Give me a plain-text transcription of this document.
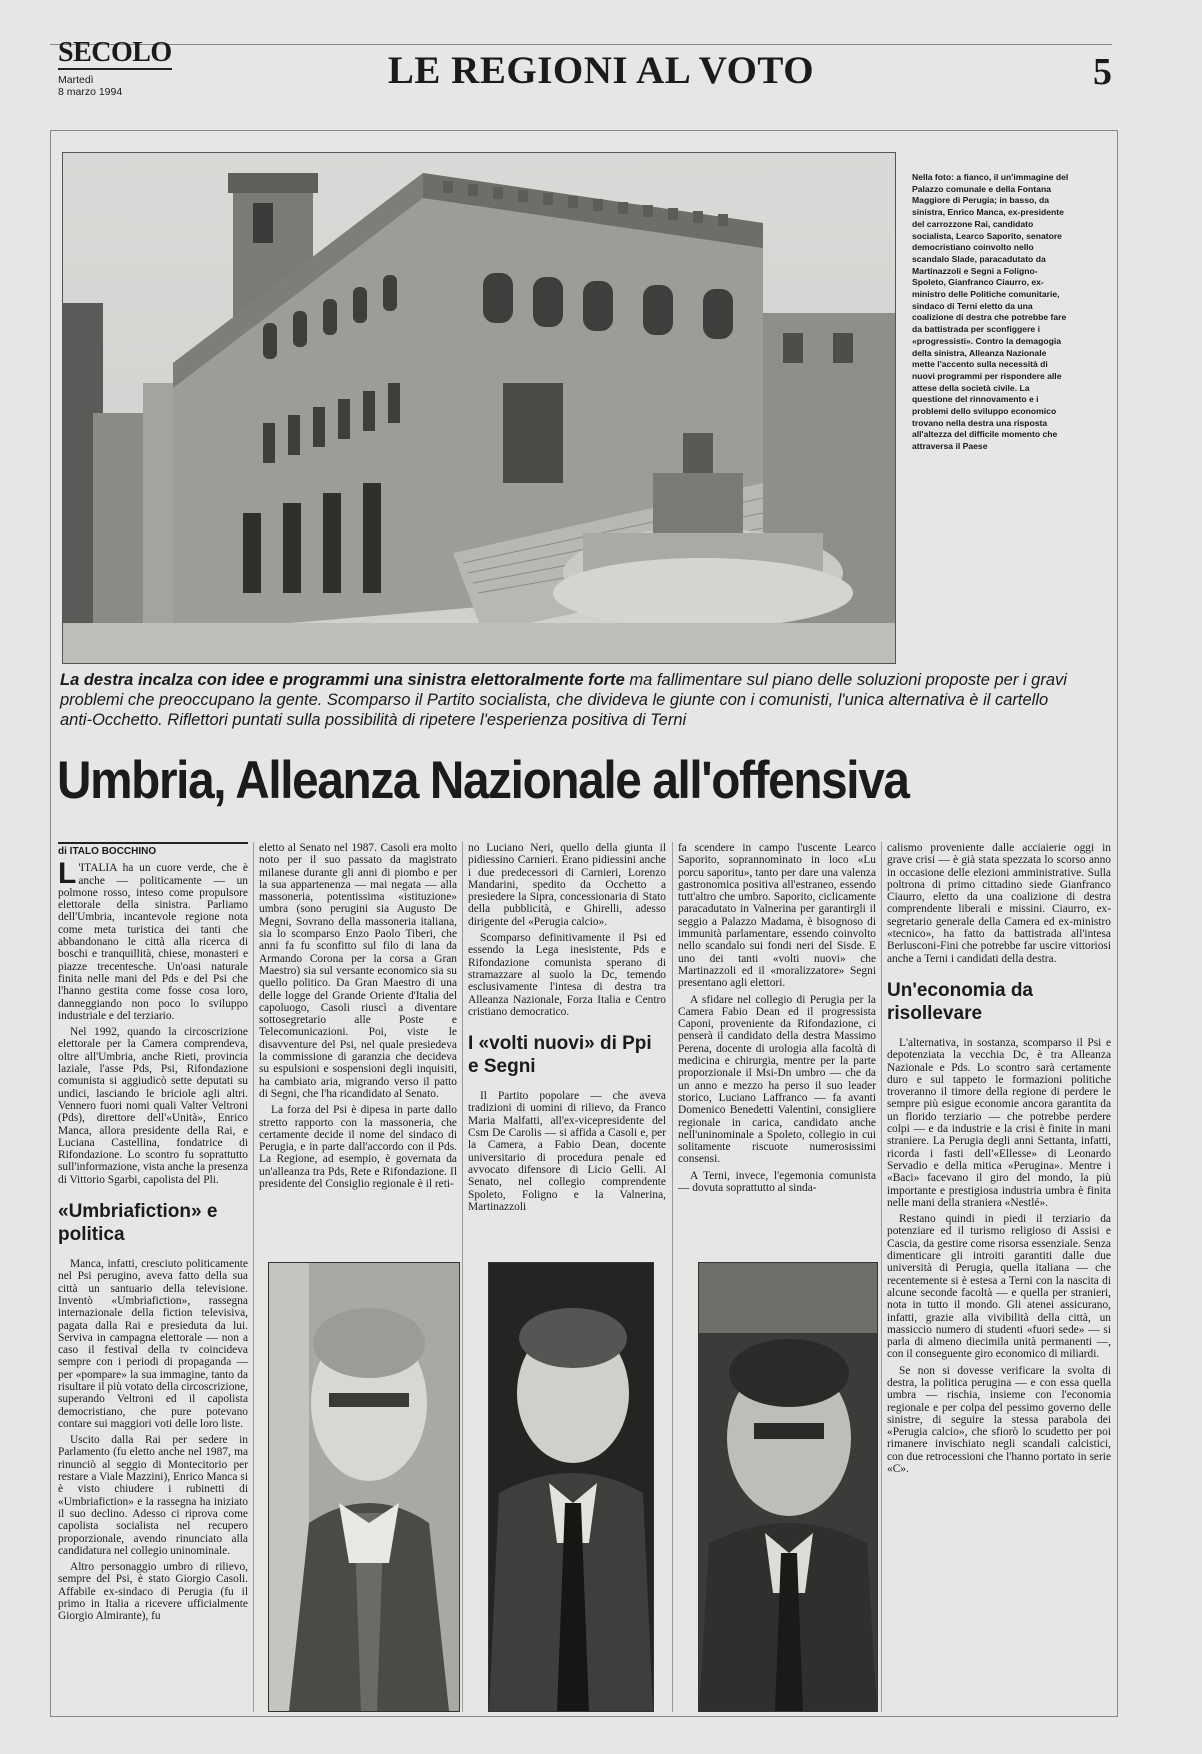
SECOLO
Martedì
8 marzo 1994	LE REGIONI AL VOTO	5
Nella foto: a fianco, il un'immagine del Palazzo comunale e della Fontana Maggiore di Perugia; in basso, da sinistra, Enrico Manca, ex-presidente del carrozzone Rai, candidato socialista, Learco Saporito, senatore democristiano coinvolto nello scandalo Slade, paracadutato da Martinazzoli e Segni a Foligno-Spoleto, Gianfranco Ciaurro, ex-ministro delle Politiche comunitarie, sindaco di Terni eletto da una coalizione di destra che potrebbe fare da battistrada per sconfiggere i «progressisti». Contro la demagogia della sinistra, Alleanza Nazionale mette l'accento sulla necessità di nuovi programmi per rispondere alle attese della società civile. La questione del rinnovamento e i problemi dello sviluppo economico trovano nella destra una risposta all'altezza del difficile momento che attraversa il Paese
La destra incalza con idee e programmi una sinistra elettoralmente forte ma fallimentare sul piano delle soluzioni proposte per i gravi problemi che preoccupano la gente. Scomparso il Partito socialista, che divideva le giunte con i comunisti, l'unica alternativa è il cartello anti-Occhetto. Riflettori puntati sulla possibilità di ripetere l'esperienza positiva di Terni
Umbria, Alleanza Nazionale all'offensiva
di ITALO BOCCHINO

L 'ITALIA ha un cuore verde, che è anche — politicamente — un polmone rosso, inteso come propulsore elettorale della sinistra. Parliamo dell'Umbria, incantevole regione nota come meta turistica dei tanti che abbandonano le città alla ricerca di boschi e tranquillità, chiese, monasteri e piazze trecentesche. Un'oasi naturale finita nelle mani del Pds e del Psi che l'hanno gestita come fosse cosa loro, danneggiando non poco lo sviluppo industriale e del terziario.

Nel 1992, quando la circoscrizione elettorale per la Camera comprendeva, oltre all'Umbria, anche Rieti, provincia laziale, l'asse Pds, Psi, Rifondazione comunista si aggiudicò sette deputati su undici, lasciando le briciole agli altri. Vennero fuori nomi quali Valter Veltroni (Pds), direttore dell'«Unità», Enrico Manca, allora presidente della Rai, e Luciana Castellina, fondatrice di Rifondazione. Lo scontro fu soprattutto sull'informazione, vista anche la presenza di Vittorio Sgarbi, capolista del Pli.

«Umbriafiction» e politica

Manca, infatti, cresciuto politicamente nel Psi perugino, aveva fatto della sua città un santuario della televisione. Inventò «Umbriafiction», rassegna internazionale della fiction televisiva, pagata dalla Rai e presieduta da lui. Serviva in campagna elettorale — non a caso il festival della tv coincideva sempre con i periodi di propaganda — per «pompare» la sua immagine, tanto da risultare il più votato della circoscrizione, superando Veltroni ed il capolista democristiano, che pure potevano contare sui maggiori voti delle loro liste.

Uscito dalla Rai per sedere in Parlamento (fu eletto anche nel 1987, ma rinunciò al seggio di Montecitorio per restare a Viale Mazzini), Enrico Manca si è visto chiudere i rubinetti di «Umbriafiction» e la rassegna ha iniziato il suo declino. Adesso ci riprova come capolista socialista nel recupero proporzionale, avendo rinunciato alla candidatura nel collegio uninominale.

Altro personaggio umbro di rilievo, sempre del Psi, è stato Giorgio Casoli. Affabile ex-sindaco di Perugia (fu il primo in Italia a ricevere ufficialmente Giorgio Almirante), fu

eletto al Senato nel 1987. Casoli era molto noto per il suo passato da magistrato milanese durante gli anni di piombo e per la sua appartenenza — mai negata — alla massoneria, potentissima «istituzione» umbra (sono perugini sia Augusto De Megni, Sovrano della massoneria italiana, sia lo scomparso Enzo Paolo Tiberi, che anni fa fu sconfitto sul filo di lana da Armando Corona per la corsa a Gran Maestro) sia sul versante economico sia su quello politico. Da Gran Maestro di una delle logge del Grande Oriente d'Italia del capoluogo, Casoli riuscì a diventare sottosegretario alle Poste e Telecomunicazioni. Poi, viste le disavventure del Psi, nel quale presiedeva la commissione di garanzia che decideva su espulsioni e sospensioni degli inquisiti, ha cambiato aria, migrando verso il patto di Segni, che l'ha ricandidato al Senato.

La forza del Psi è dipesa in parte dallo stretto rapporto con la massoneria, che certamente decide il nome del sindaco di Perugia, e in parte dall'accordo con il Pds. La Regione, ad esempio, è governata da un'alleanza tra Pds, Rete e Rifondazione. Il presidente del Consiglio regionale è il reti-

no Luciano Neri, quello della giunta il pidiessino Carnieri. Erano pidiessini anche i due predecessori di Carnieri, Lorenzo Mandarini, spedito da Occhetto a presiedere la Sipra, concessionaria di Stato della pubblicità, e Ghirelli, adesso dirigente del «Perugia calcio».

Scomparso definitivamente il Psi ed essendo la Lega inesistente, Pds e Rifondazione comunista sperano di stramazzare al suolo la Dc, temendo esclusivamente l'intesa di destra tra Alleanza Nazionale, Forza Italia e Centro cristiano democratico.

I «volti nuovi» di Ppi e Segni

Il Partito popolare — che aveva tradizioni di uomini di rilievo, da Franco Maria Malfatti, all'ex-vicepresidente del Csm De Carolis — si affida a Casoli e, per la Camera, a Fabio Dean, docente universitario di procedura penale ed avvocato difensore di Licio Gelli. Al Senato, nel collegio comprendente Spoleto, Foligno e la Valnerina, Martinazzoli

fa scendere in campo l'uscente Learco Saporito, soprannominato in loco «Lu porcu saporitu», tanto per dare una valenza gastronomica positiva all'estraneo, essendo tutt'altro che umbro. Saporito, ciclicamente paracadutato in Valnerina per garantirgli il seggio a Palazzo Madama, è bisognoso di immunità parlamentare, essendo coinvolto nello scandalo sui fondi neri del Sisde. E uno dei tanti «volti nuovi» che Martinazzoli ed il «moralizzatore» Segni presentano agli elettori.

A sfidare nel collegio di Perugia per la Camera Fabio Dean ed il progressista Caponi, proveniente da Rifondazione, ci penserà il candidato della destra Massimo Perena, docente di urologia alla facoltà di medicina e chirurgia, mentre per la parte proporzionale il Msi-Dn umbro — che da un anno e mezzo ha perso il suo leader storico, Luciano Laffranco — fa avanti Domenico Benedetti Valentini, consigliere regionale in carica, candidato anche nell'uninominale a Spoleto, collegio in cui solitamente riscuote numerosissimi consensi.

A Terni, invece, l'egemonia comunista — dovuta soprattutto al sinda-

calismo proveniente dalle acciaierie oggi in grave crisi — è già stata spezzata lo scorso anno in occasione delle elezioni amministrative. Sulla poltrona di primo cittadino siede Gianfranco Ciaurro, eletto da una coalizione di destra comprendente liberali e missini. Ciaurro, ex-segretario generale della Camera ed ex-ministro «tecnico», ha fatto da battistrada all'intesa Berlusconi-Fini che potrebbe far uscire vittoriosi anche a Terni i candidati della destra.

Un'economia da risollevare

L'alternativa, in sostanza, scomparso il Psi e depotenziata la vecchia Dc, è tra Alleanza Nazionale e Pds. Lo scontro sarà certamente duro e sul tappeto le formazioni politiche troveranno il timore della regione di perdere le sempre più esigue economie ancora garantita da un florido terziario — che potrebbe perdere colpi — e da industrie e la crisi è finite in mani straniere. La Perugia degli anni Settanta, infatti, ricorda i fasti dell'«Ellesse» di Leonardo Servadio e della mitica «Perugina». Mentre i «Baci» facevano il giro del mondo, la più importante e prestigiosa industria umbra è finita nelle mani della straniera «Nestlé».

Restano quindi in piedi il terziario da potenziare ed il turismo religioso di Assisi e Cascia, da gestire come risorsa essenziale. Senza dimenticare gli introiti garantiti dalle due università di Perugia, quella italiana — che recentemente si è estesa a Terni con la nascita di alcune seconde facoltà — e quella per stranieri, nota in tutto il mondo. Gli atenei assicurano, infatti, grazie alla vivibilità della città, un massiccio numero di studenti «fuori sede» — si parla di almeno diecimila unità permanenti —, con il conseguente giro economico di miliardi.

Se non si dovesse verificare la svolta di destra, la politica perugina — e con essa quella umbra — rischia, insieme con l'economia regionale e per colpa del pessimo governo delle sinistre, di seguire la stessa parabola dei «Perugia calcio», che sfiorò lo scudetto per poi rimanere invischiato negli scandali calcistici, con due retrocessioni che l'hanno portato in serie «C».
